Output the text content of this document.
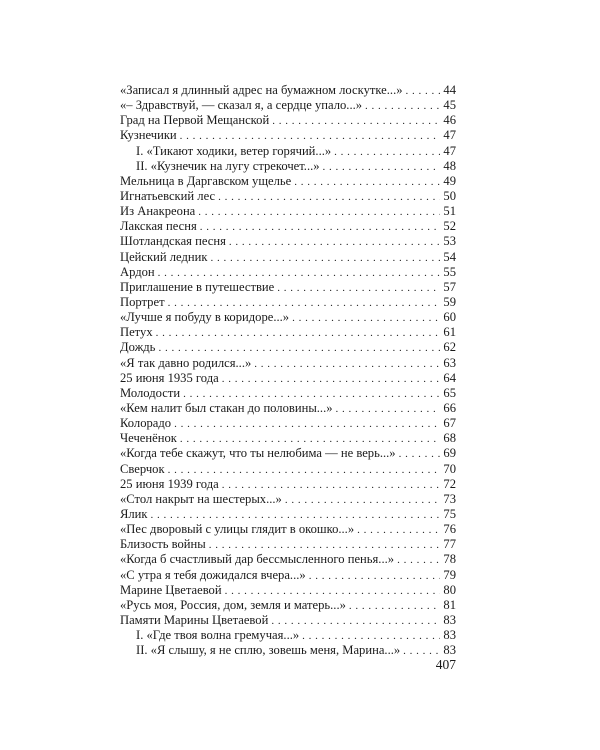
«Записал я длинный адрес на бумажном лоскутке...» . . .	44
«– Здравствуй, — сказал я, а сердце упало...» . . .	45
Град на Первой Мещанской . . .	46
Кузнечики . . .	47
I. «Тикают ходики, ветер горячий...» . . .	47
II. «Кузнечик на лугу стрекочет...» . . .	48
Мельница в Даргавском ущелье . . .	49
Игнатьевский лес . . .	50
Из Анакреона . . .	51
Лакская песня . . .	52
Шотландская песня . . .	53
Цейский ледник . . .	54
Ардон . . .	55
Приглашение в путешествие . . .	57
Портрет . . .	59
«Лучше я побуду в коридоре...» . . .	60
Петух . . .	61
Дождь . . .	62
«Я так давно родился...» . . .	63
25 июня 1935 года . . .	64
Молодости . . .	65
«Кем налит был стакан до половины...» . . .	66
Колорадо . . .	67
Чеченёнок . . .	68
«Когда тебе скажут, что ты нелюбима — не верь...» . . .	69
Сверчок . . .	70
25 июня 1939 года . . .	72
«Стол накрыт на шестерых...» . . .	73
Ялик . . .	75
«Пес дворовый с улицы глядит в окошко...» . . .	76
Близость войны . . .	77
«Когда б счастливый дар бессмысленного пенья...» . . .	78
«С утра я тебя дожидался вчера...» . . .	79
Марине Цветаевой . . .	80
«Русь моя, Россия, дом, земля и матерь...» . . .	81
Памяти Марины Цветаевой . . .	83
I. «Где твоя волна гремучая...» . . .	83
II. «Я слышу, я не сплю, зовешь меня, Марина...» . . .	83

407
